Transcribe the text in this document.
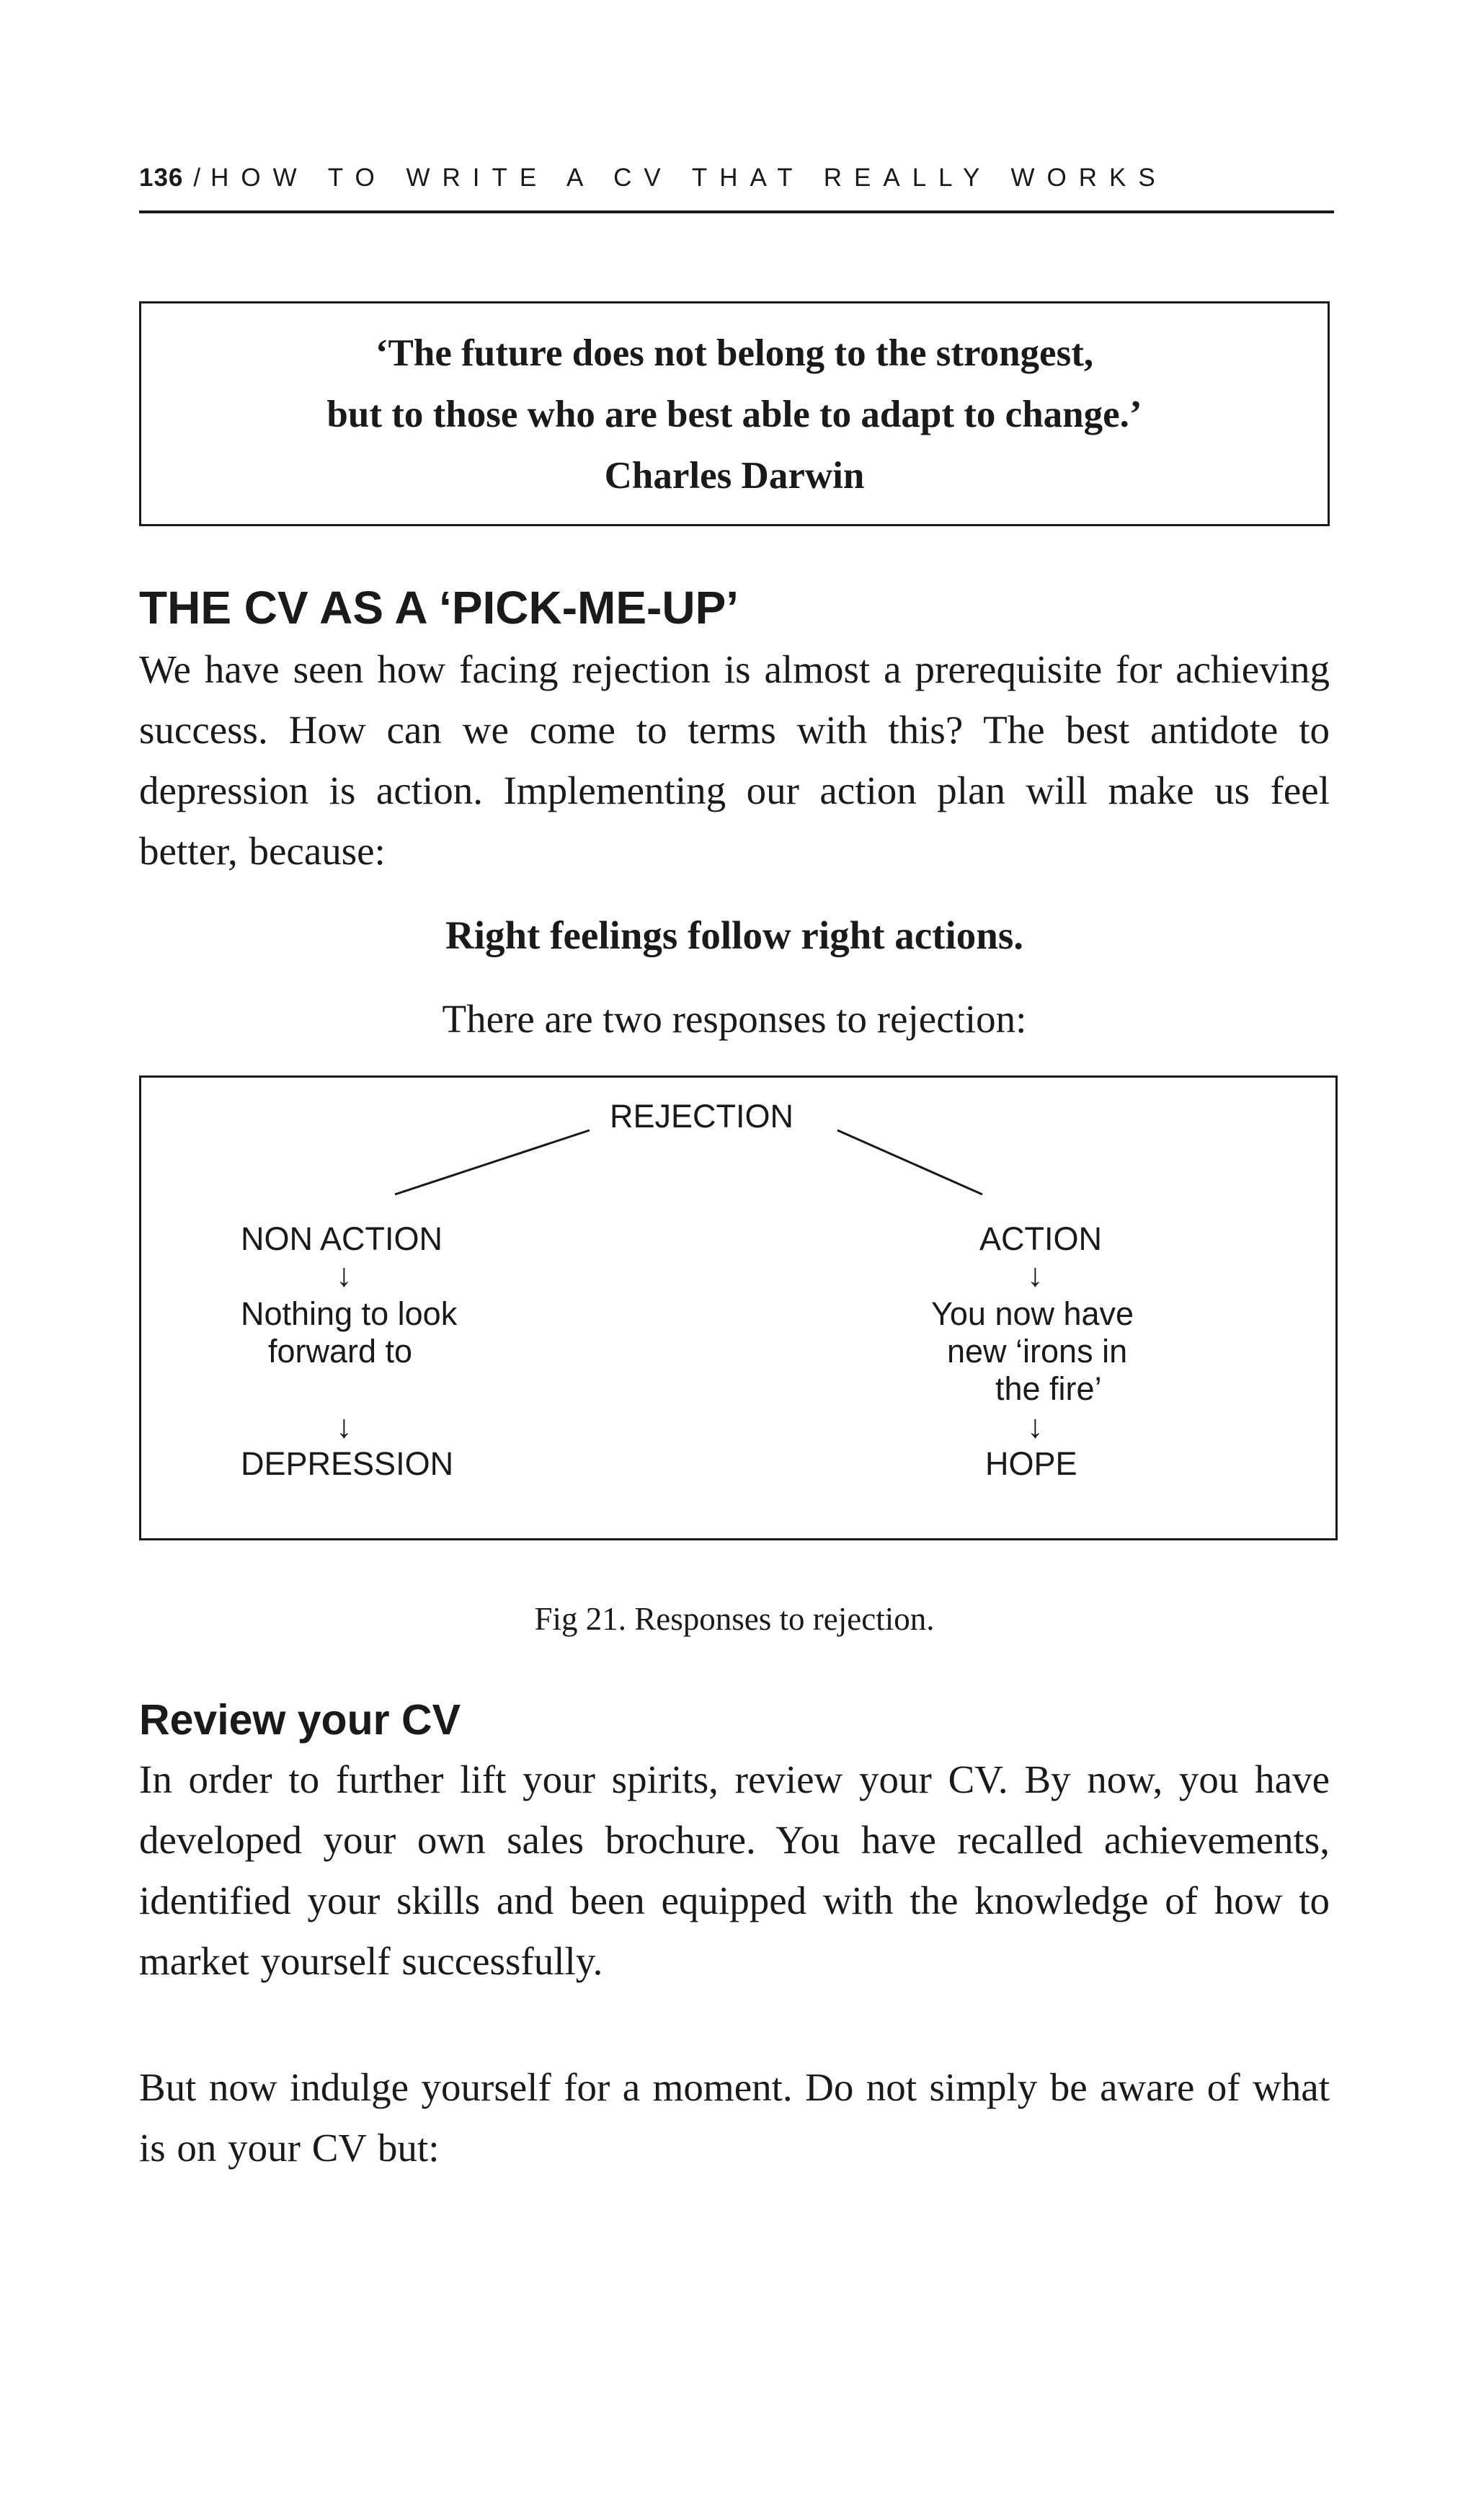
136 / HOW TO WRITE A CV THAT REALLY WORKS
‘The future does not belong to the strongest,
but to those who are best able to adapt to change.’
Charles Darwin
THE CV AS A ‘PICK-ME-UP’
We have seen how facing rejection is almost a prerequisite for achieving success. How can we come to terms with this? The best antidote to depression is action. Implementing our action plan will make us feel better, because:
Right feelings follow right actions.
There are two responses to rejection:
REJECTION
NON ACTION
↓
Nothing to look
forward to
↓
DEPRESSION
ACTION
↓
You now have
new ‘irons in
the fire’
↓
HOPE
Fig 21. Responses to rejection.
Review your CV
In order to further lift your spirits, review your CV. By now, you have developed your own sales brochure. You have recalled achievements, identified your skills and been equipped with the knowledge of how to market yourself successfully.
But now indulge yourself for a moment. Do not simply be aware of what is on your CV but:
